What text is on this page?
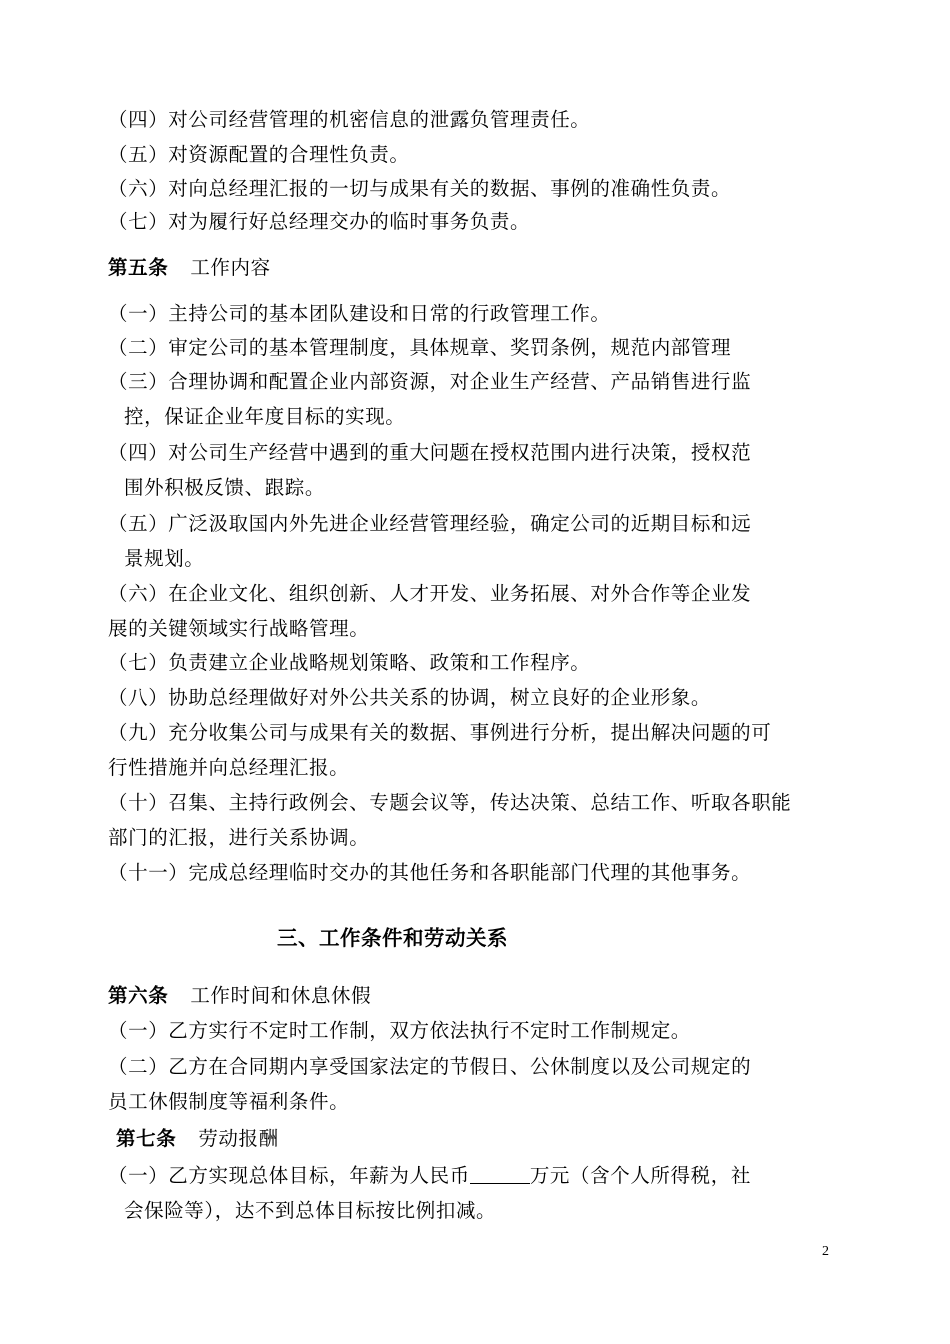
（四）对公司经营管理的机密信息的泄露负管理责任。
（五）对资源配置的合理性负责。
（六）对向总经理汇报的一切与成果有关的数据、事例的准确性负责。
（七）对为履行好总经理交办的临时事务负责。
第五条 工作内容
（一）主持公司的基本团队建设和日常的行政管理工作。
（二）审定公司的基本管理制度，具体规章、奖罚条例，规范内部管理
（三）合理协调和配置企业内部资源，对企业生产经营、产品销售进行监
控，保证企业年度目标的实现。
（四）对公司生产经营中遇到的重大问题在授权范围内进行决策，授权范
围外积极反馈、跟踪。
（五）广泛汲取国内外先进企业经营管理经验，确定公司的近期目标和远
景规划。
（六）在企业文化、组织创新、人才开发、业务拓展、对外合作等企业发
展的关键领域实行战略管理。
（七）负责建立企业战略规划策略、政策和工作程序。
（八）协助总经理做好对外公共关系的协调，树立良好的企业形象。
（九）充分收集公司与成果有关的数据、事例进行分析，提出解决问题的可
行性措施并向总经理汇报。
（十）召集、主持行政例会、专题会议等，传达决策、总结工作、听取各职能
部门的汇报，进行关系协调。
（十一）完成总经理临时交办的其他任务和各职能部门代理的其他事务。
三、工作条件和劳动关系
第六条 工作时间和休息休假
（一）乙方实行不定时工作制，双方依法执行不定时工作制规定。
（二）乙方在合同期内享受国家法定的节假日、公休制度以及公司规定的
员工休假制度等福利条件。
第七条 劳动报酬
（一）乙方实现总体目标，年薪为人民币	万元（含个人所得税，社
会保险等），达不到总体目标按比例扣减。
2
